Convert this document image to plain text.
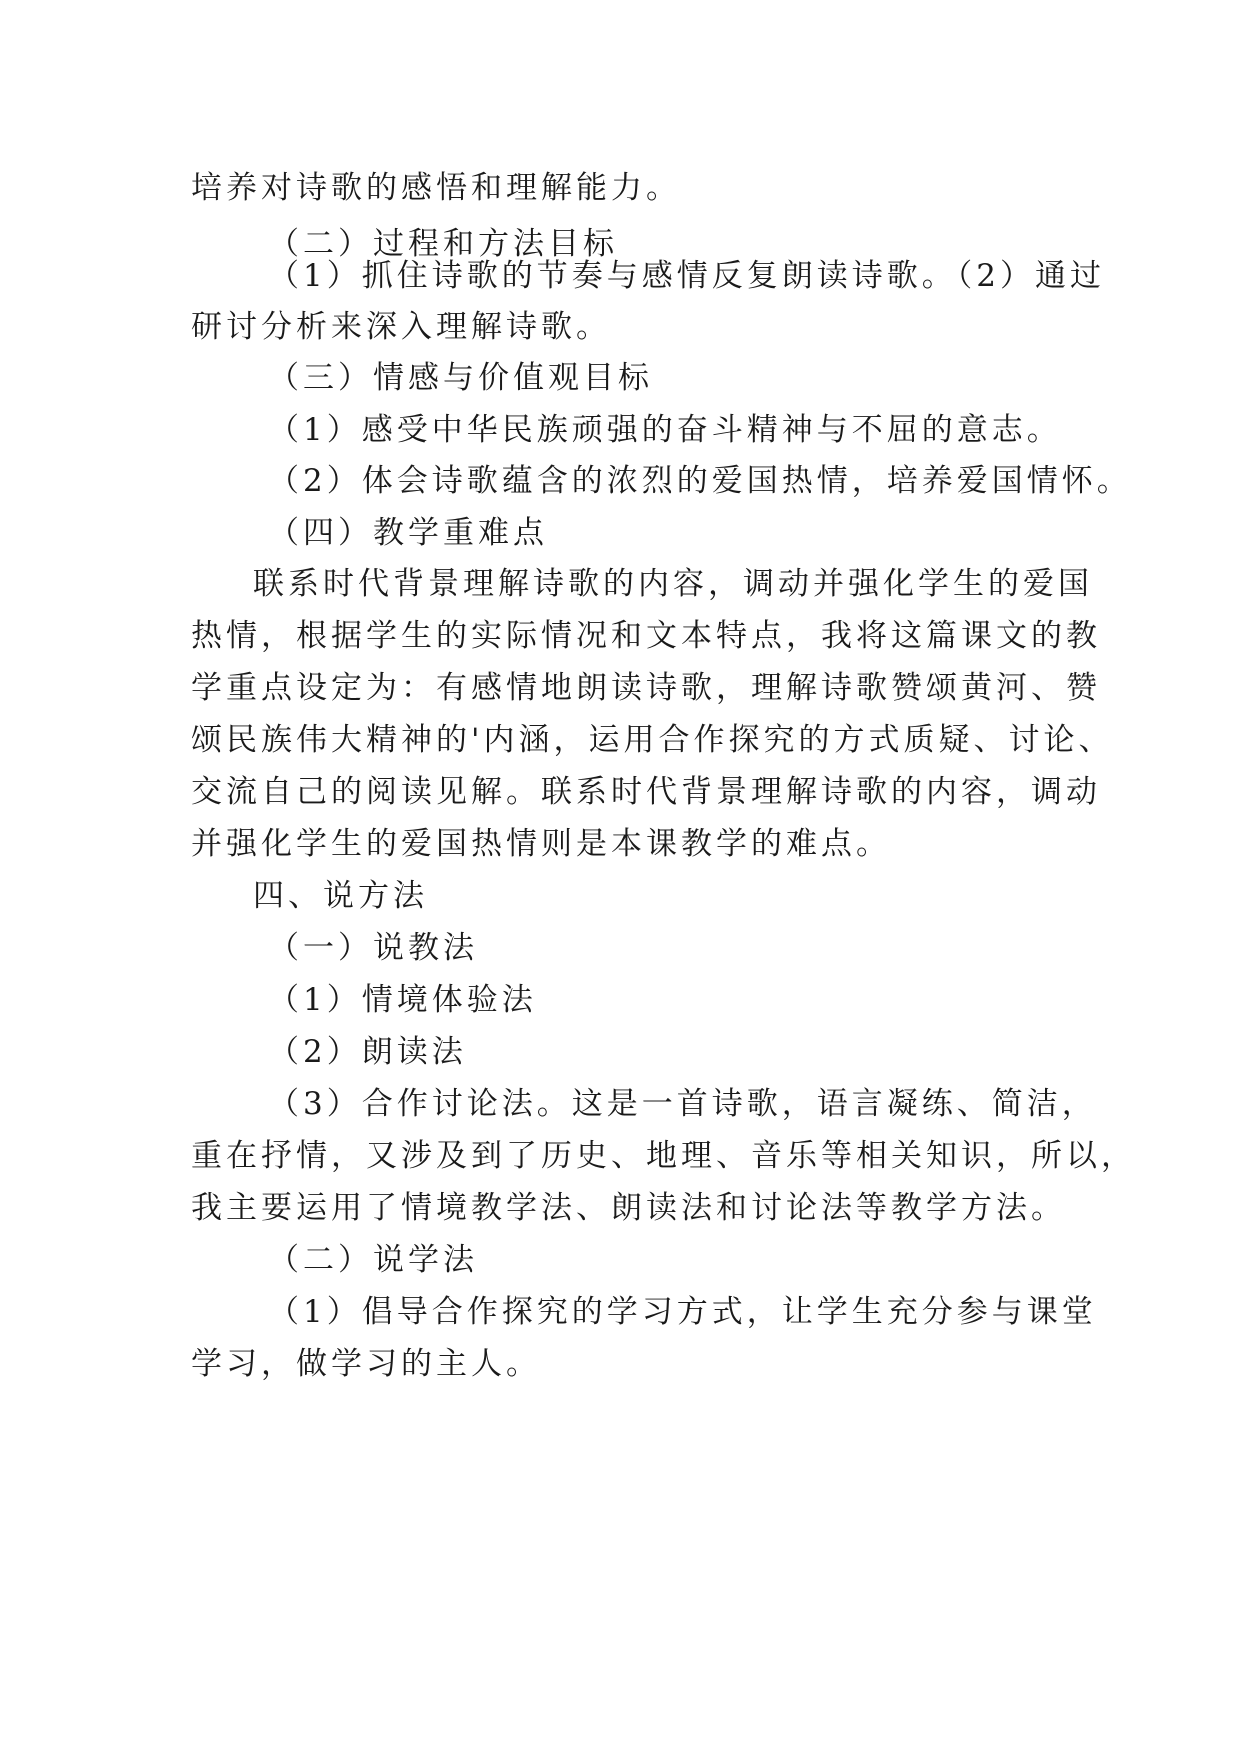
培养对诗歌的感悟和理解能力。
（二）过程和方法目标
（1）抓住诗歌的节奏与感情反复朗读诗歌。（2）通过
研讨分析来深入理解诗歌。
（三）情感与价值观目标
（1）感受中华民族顽强的奋斗精神与不屈的意志。
（2）体会诗歌蕴含的浓烈的爱国热情，培养爱国情怀。
（四）教学重难点
联系时代背景理解诗歌的内容，调动并强化学生的爱国
热情，根据学生的实际情况和文本特点，我将这篇课文的教
学重点设定为：有感情地朗读诗歌，理解诗歌赞颂黄河、赞
颂民族伟大精神的'内涵，运用合作探究的方式质疑、讨论、
交流自己的阅读见解。联系时代背景理解诗歌的内容，调动
并强化学生的爱国热情则是本课教学的难点。
四、说方法
（一）说教法
（1）情境体验法
（2）朗读法
（3）合作讨论法。这是一首诗歌，语言凝练、简洁，
重在抒情，又涉及到了历史、地理、音乐等相关知识，所以，
我主要运用了情境教学法、朗读法和讨论法等教学方法。
（二）说学法
（1）倡导合作探究的学习方式，让学生充分参与课堂
学习，做学习的主人。
